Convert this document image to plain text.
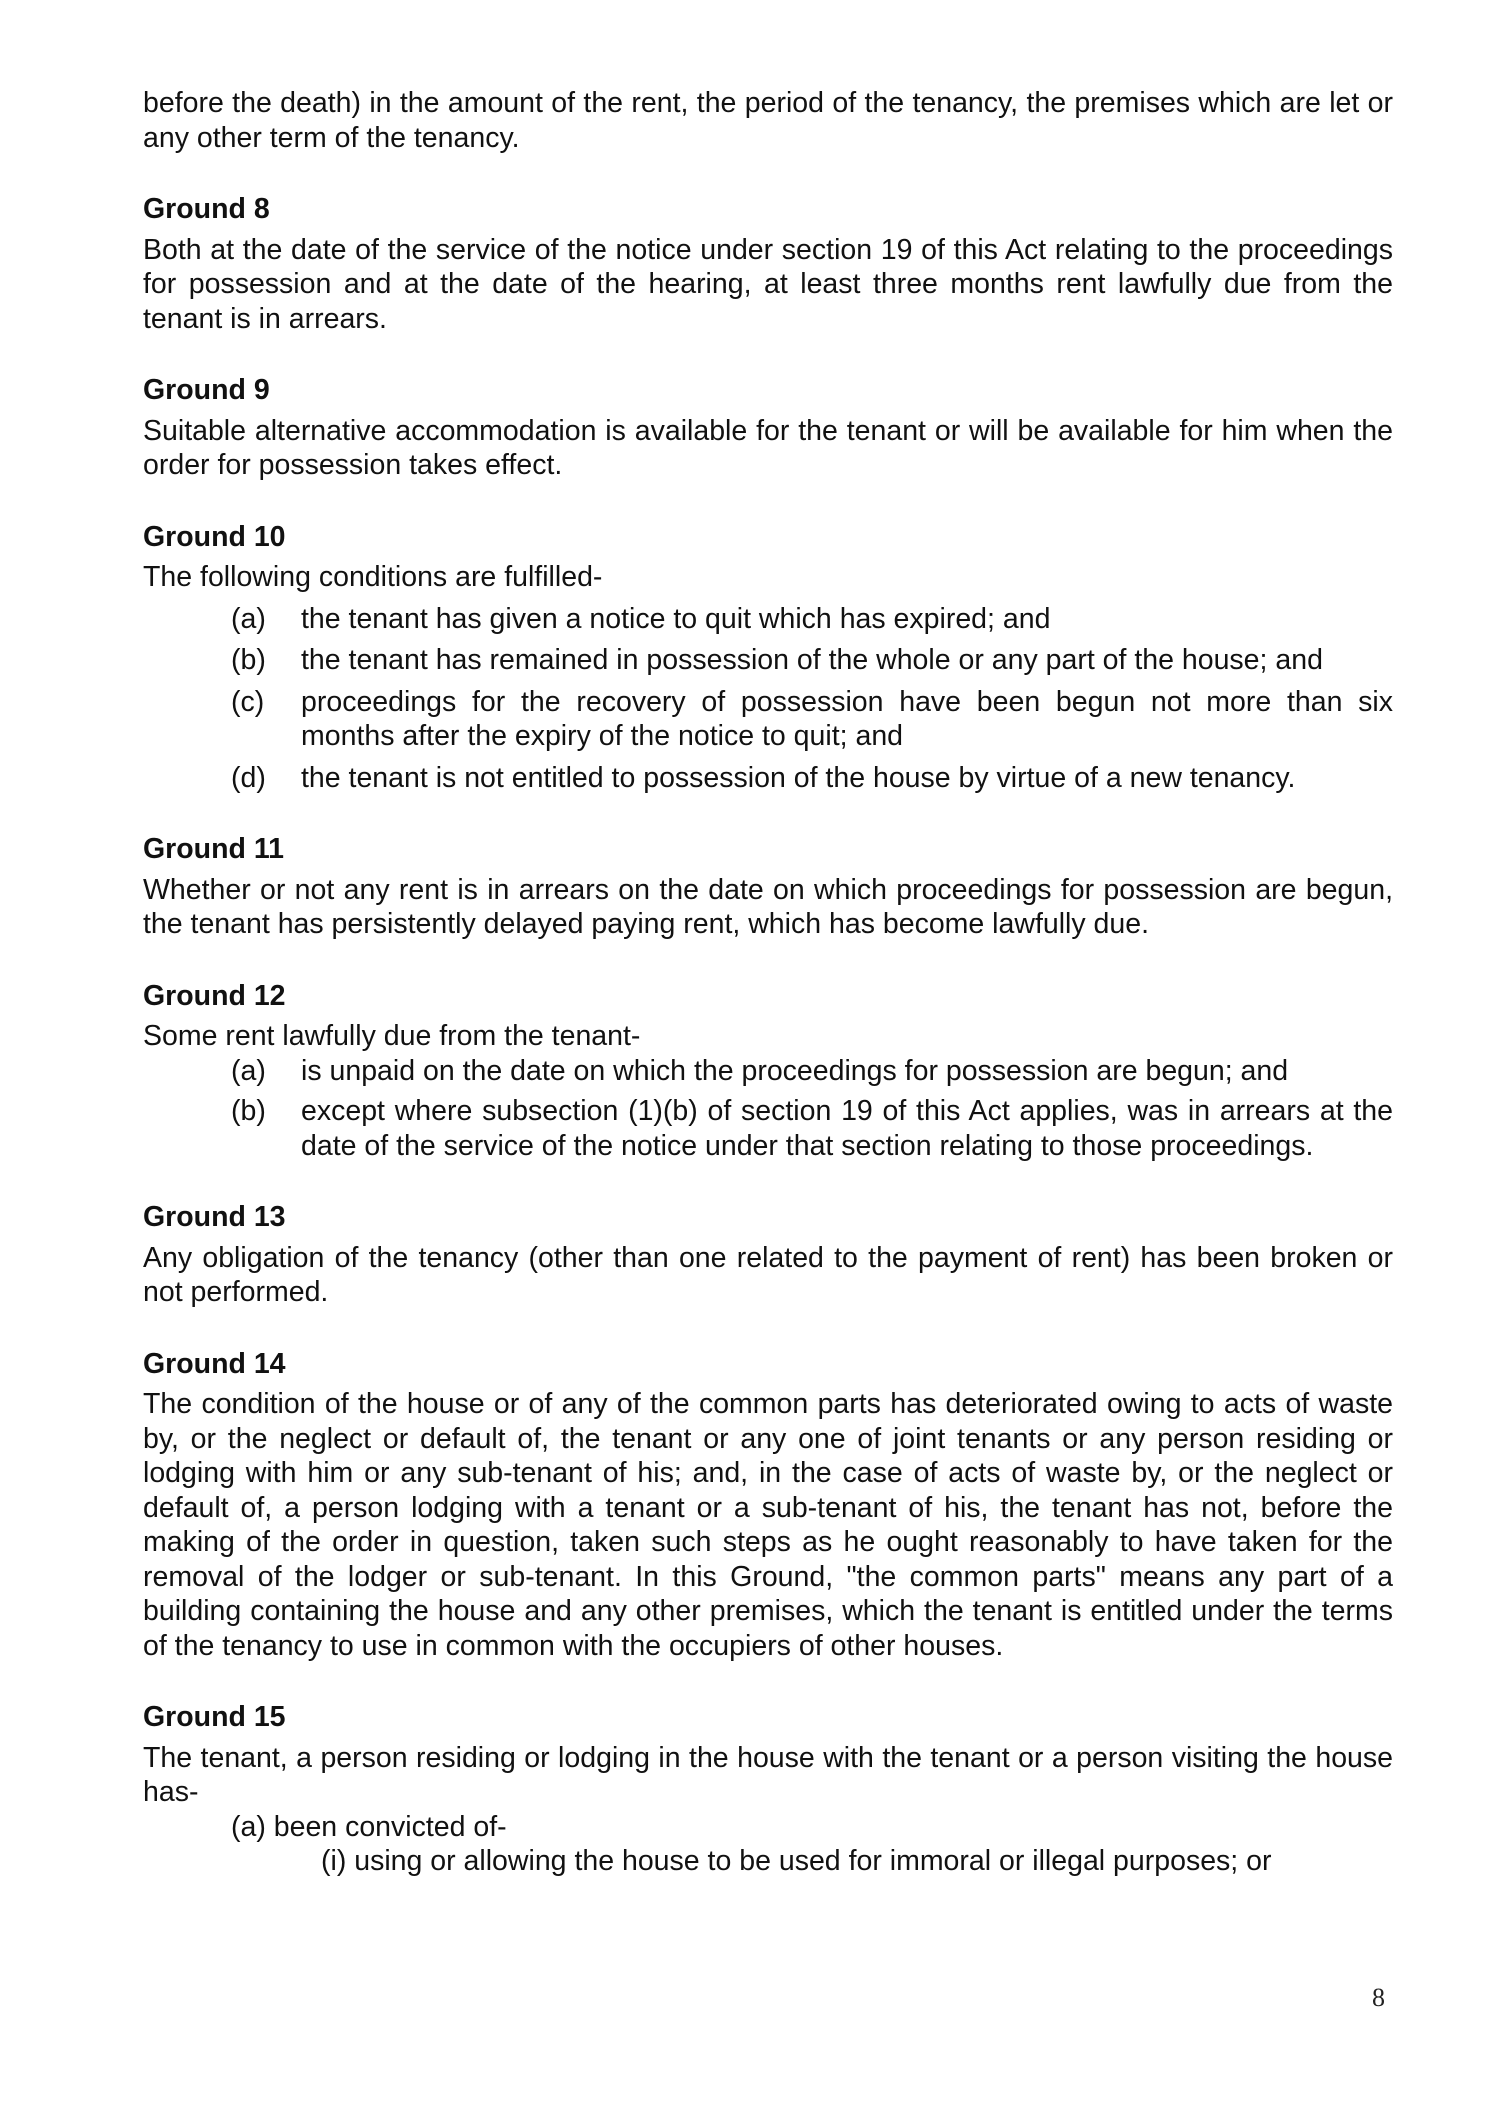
before the death) in the amount of the rent, the period of the tenancy, the premises which are let or any other term of the tenancy.

Ground 8

Both at the date of the service of the notice under section 19 of this Act relating to the proceedings for possession and at the date of the hearing, at least three months rent lawfully due from the tenant is in arrears.

Ground 9

Suitable alternative accommodation is available for the tenant or will be available for him when the order for possession takes effect.

Ground 10

The following conditions are fulfilled-

(a)	the tenant has given a notice to quit which has expired; and
(b)	the tenant has remained in possession of the whole or any part of the house; and
(c)	proceedings for the recovery of possession have been begun not more than six months after the expiry of the notice to quit; and
(d)	the tenant is not entitled to possession of the house by virtue of a new tenancy.
Ground 11

Whether or not any rent is in arrears on the date on which proceedings for possession are begun, the tenant has persistently delayed paying rent, which has become lawfully due.

Ground 12

Some rent lawfully due from the tenant-

(a)	is unpaid on the date on which the proceedings for possession are begun; and
(b)	except where subsection (1)(b) of section 19 of this Act applies, was in arrears at the date of the service of the notice under that section relating to those proceedings.
Ground 13

Any obligation of the tenancy (other than one related to the payment of rent) has been broken or not performed.

Ground 14

The condition of the house or of any of the common parts has deteriorated owing to acts of waste by, or the neglect or default of, the tenant or any one of joint tenants or any person residing or lodging with him or any sub-tenant of his; and, in the case of acts of waste by, or the neglect or default of, a person lodging with a tenant or a sub-tenant of his, the tenant has not, before the making of the order in question, taken such steps as he ought reasonably to have taken for the removal of the lodger or sub-tenant. In this Ground, "the common parts" means any part of a building containing the house and any other premises, which the tenant is entitled under the terms of the tenancy to use in common with the occupiers of other houses.

Ground 15

The tenant, a person residing or lodging in the house with the tenant or a person visiting the house has-

(a) been convicted of-
(i) using or allowing the house to be used for immoral or illegal purposes; or
8
